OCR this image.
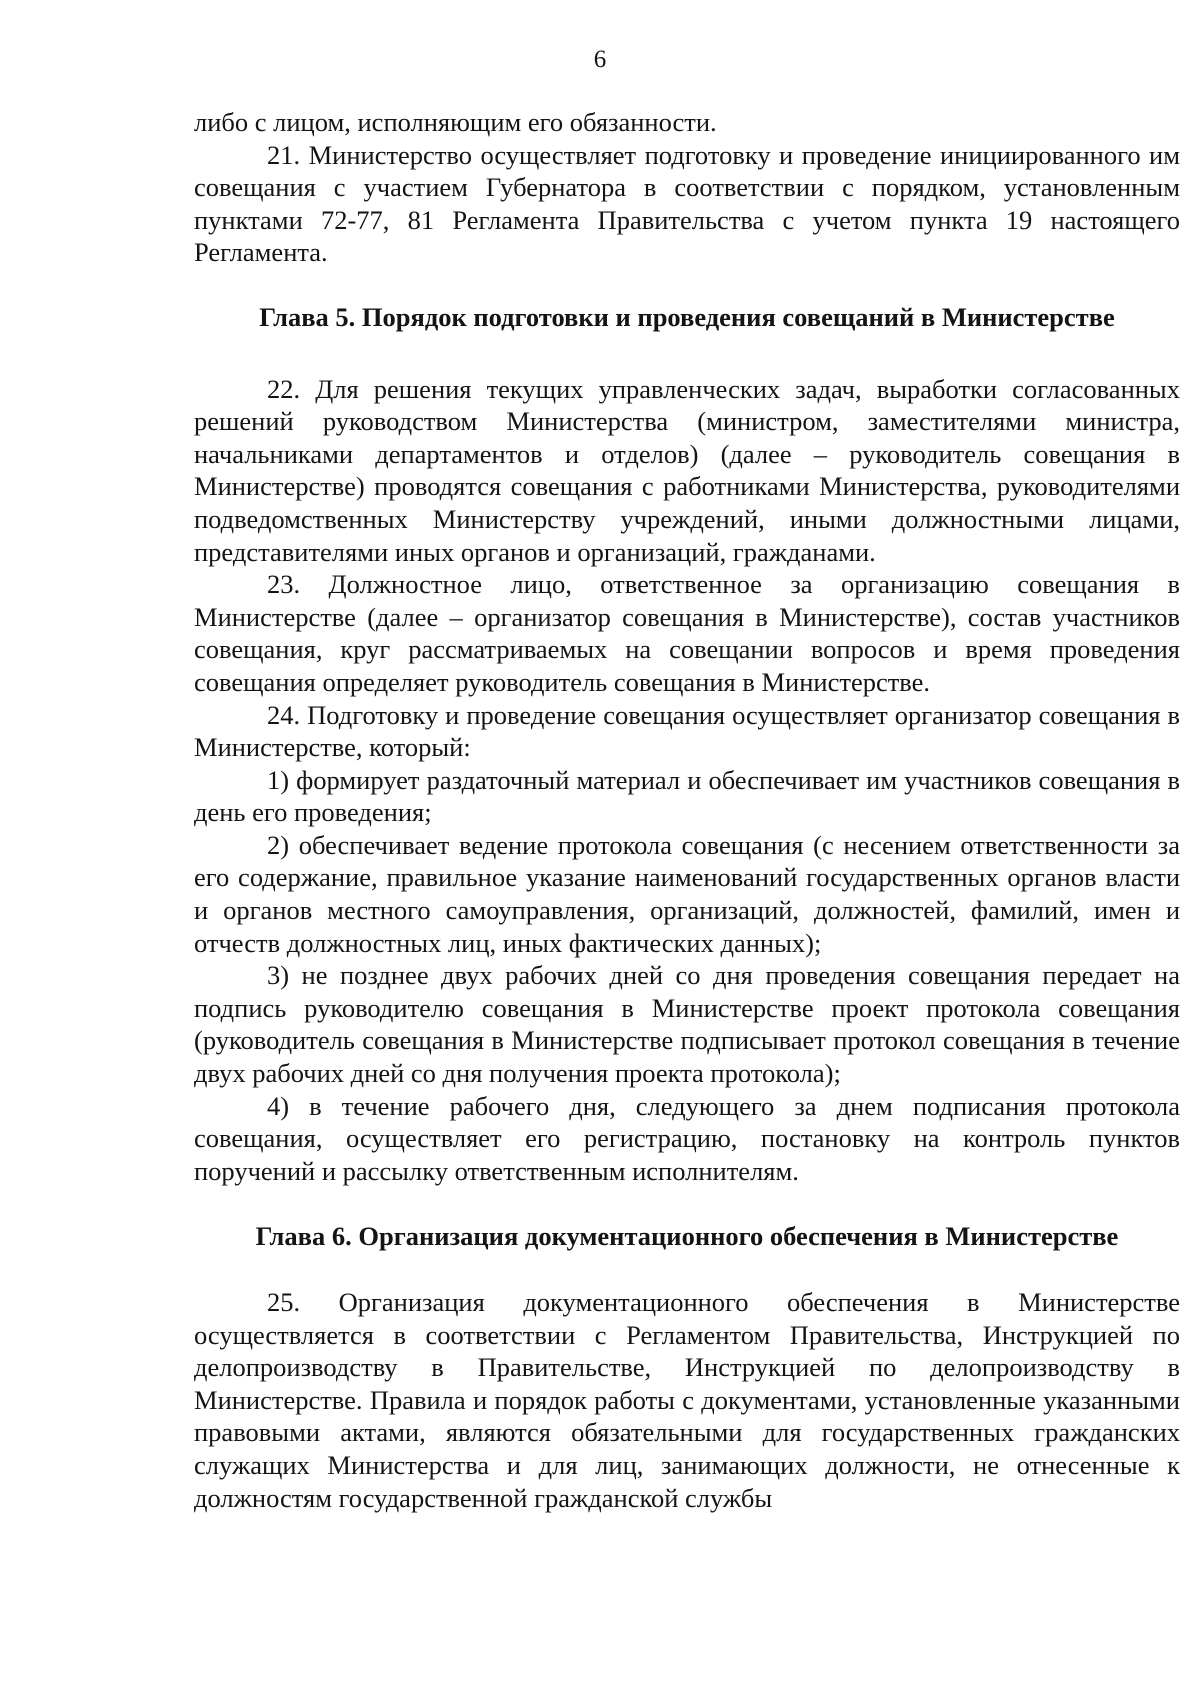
6

либо с лицом, исполняющим его обязанности.

21. Министерство осуществляет подготовку и проведение инициированного им совещания с участием Губернатора в соответствии с порядком, установленным пунктами 72-77, 81 Регламента Правительства с учетом пункта 19 настоящего Регламента.

Глава 5. Порядок подготовки и проведения совещаний в Министерстве

22. Для решения текущих управленческих задач, выработки согласованных решений руководством Министерства (министром, заместителями министра, начальниками департаментов и отделов) (далее – руководитель совещания в Министерстве) проводятся совещания с работниками Министерства, руководителями подведомственных Министерству учреждений, иными должностными лицами, представителями иных органов и организаций, гражданами.

23. Должностное лицо, ответственное за организацию совещания в Министерстве (далее – организатор совещания в Министерстве), состав участников совещания, круг рассматриваемых на совещании вопросов и время проведения совещания определяет руководитель совещания в Министерстве.

24. Подготовку и проведение совещания осуществляет организатор совещания в Министерстве, который:

1) формирует раздаточный материал и обеспечивает им участников совещания в день его проведения;

2) обеспечивает ведение протокола совещания (с несением ответственности за его содержание, правильное указание наименований государственных органов власти и органов местного самоуправления, организаций, должностей, фамилий, имен и отчеств должностных лиц, иных фактических данных);

3) не позднее двух рабочих дней со дня проведения совещания передает на подпись руководителю совещания в Министерстве проект протокола совещания (руководитель совещания в Министерстве подписывает протокол совещания в течение двух рабочих дней со дня получения проекта протокола);

4) в течение рабочего дня, следующего за днем подписания протокола совещания, осуществляет его регистрацию, постановку на контроль пунктов поручений и рассылку ответственным исполнителям.

Глава 6. Организация документационного обеспечения в Министерстве

25. Организация документационного обеспечения в Министерстве осуществляется в соответствии с Регламентом Правительства, Инструкцией по делопроизводству в Правительстве, Инструкцией по делопроизводству в Министерстве. Правила и порядок работы с документами, установленные указанными правовыми актами, являются обязательными для государственных гражданских служащих Министерства и для лиц, занимающих должности, не отнесенные к должностям государственной гражданской службы
